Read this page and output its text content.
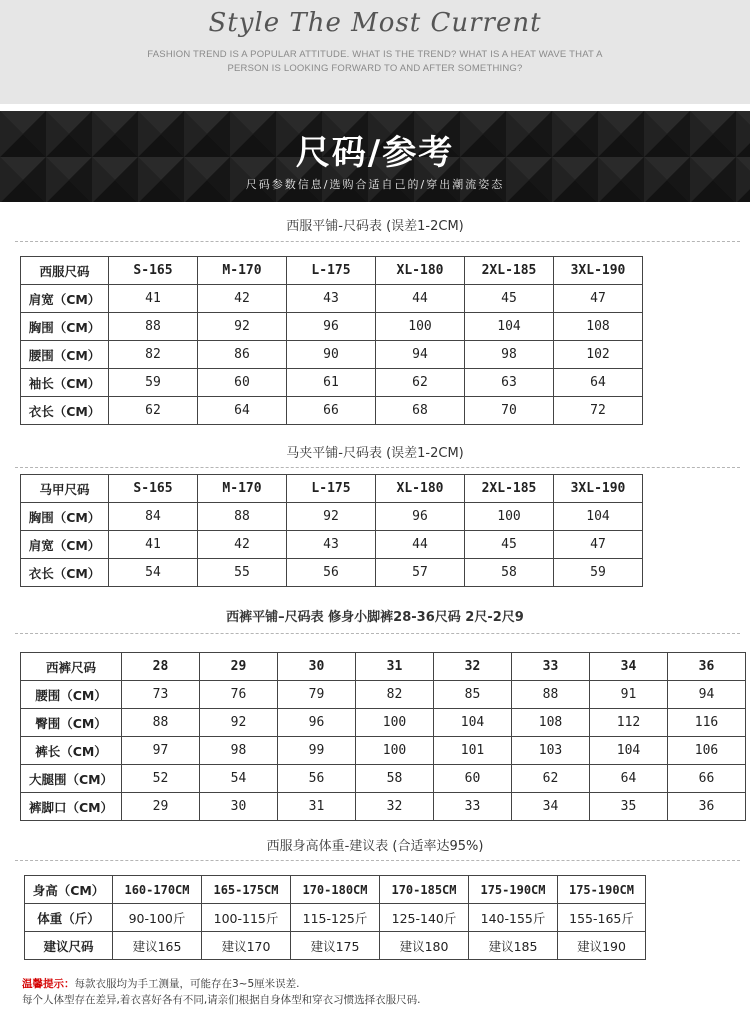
Style The Most Current
FASHION TREND IS A POPULAR ATTITUDE. WHAT IS THE TREND? WHAT IS A HEAT WAVE THAT A
PERSON IS LOOKING FORWARD TO AND AFTER SOMETHING?
尺码/参考
尺码参数信息/选购合适自己的/穿出潮流姿态
西服平铺-尺码表 (误差1-2CM)
西服尺码	S-165	M-170	L-175	XL-180	2XL-185	3XL-190
肩宽（CM）	41	42	43	44	45	47
胸围（CM）	88	92	96	100	104	108
腰围（CM）	82	86	90	94	98	102
袖长（CM）	59	60	61	62	63	64
衣长（CM）	62	64	66	68	70	72
马夹平铺-尺码表 (误差1-2CM)
马甲尺码	S-165	M-170	L-175	XL-180	2XL-185	3XL-190
胸围（CM）	84	88	92	96	100	104
肩宽（CM）	41	42	43	44	45	47
衣长（CM）	54	55	56	57	58	59
西裤平铺–尺码表 修身小脚裤28-36尺码 2尺-2尺9
西裤尺码	28	29	30	31	32	33	34	36
腰围（CM）	73	76	79	82	85	88	91	94
臀围（CM）	88	92	96	100	104	108	112	116
裤长（CM）	97	98	99	100	101	103	104	106
大腿围（CM）	52	54	56	58	60	62	64	66
裤脚口（CM）	29	30	31	32	33	34	35	36
西服身高体重-建议表 (合适率达95%)
身高（CM）	160-170CM	165-175CM	170-180CM	170-185CM	175-190CM	175-190CM
体重（斤）	90-100斤	100-115斤	115-125斤	125-140斤	140-155斤	155-165斤
建议尺码	建议165	建议170	建议175	建议180	建议185	建议190
温馨提示：每款衣服均为手工测量，可能存在3~5厘米误差.
每个人体型存在差异,着衣喜好各有不同,请亲们根据自身体型和穿衣习惯选择衣服尺码.
